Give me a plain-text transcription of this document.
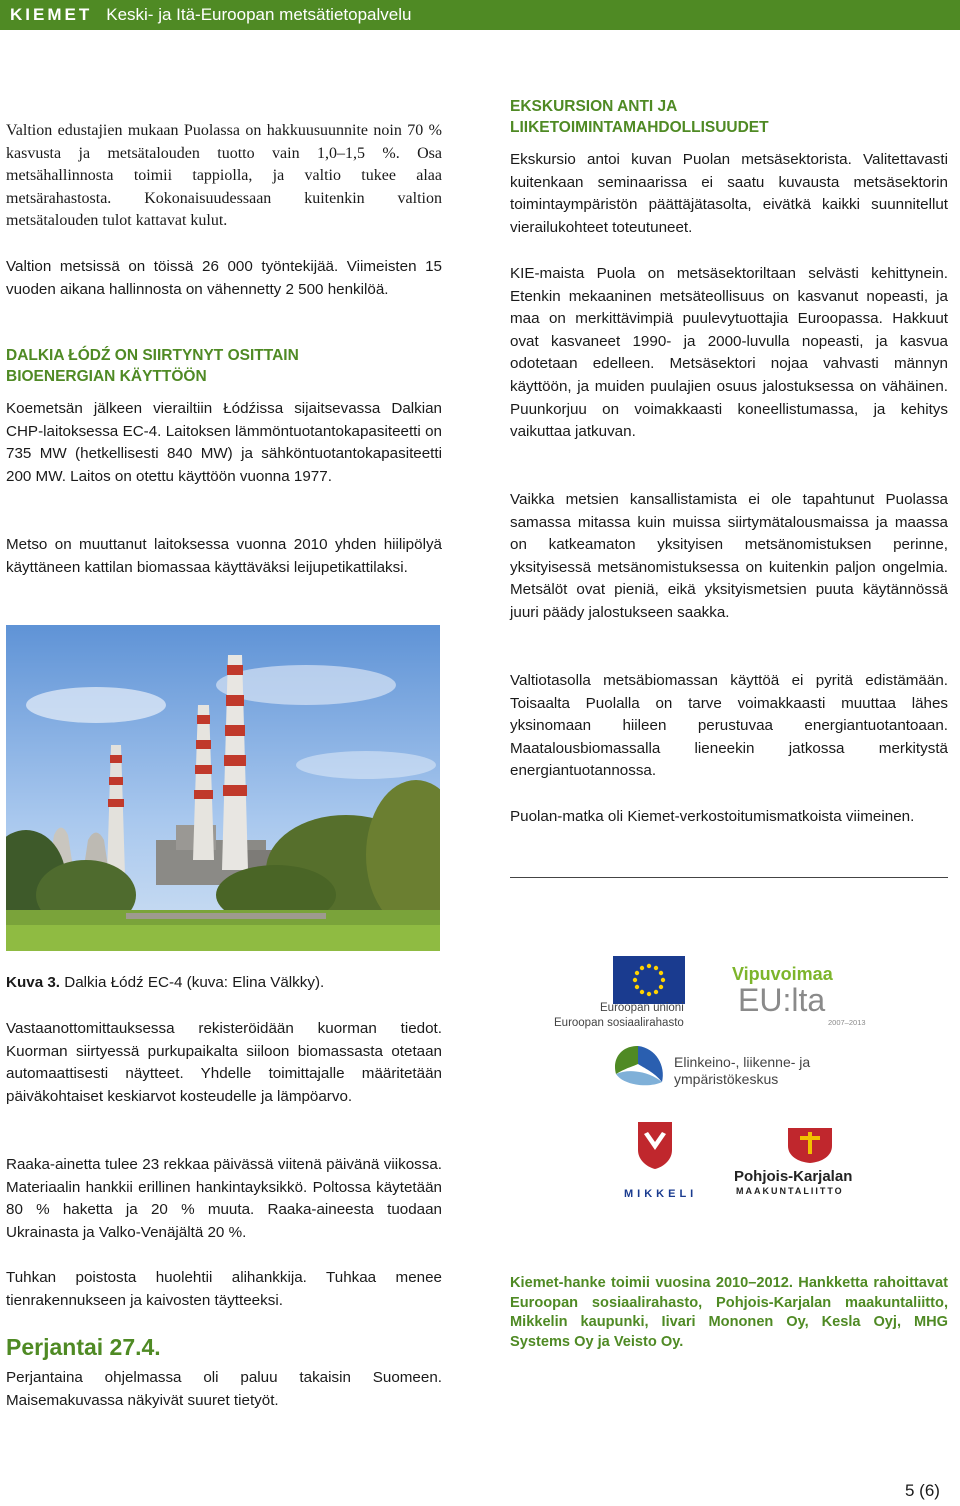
KIEMET Keski- ja Itä-Euroopan metsätietopalvelu

Valtion edustajien mukaan Puolassa on hakkuusuunnite noin 70 % kasvusta ja metsätalouden tuotto vain 1,0–1,5 %. Osa metsähallinnosta toimii tappiolla, ja valtio tukee alaa metsärahastosta. Kokonaisuudessaan kuitenkin valtion metsätalouden tulot kattavat kulut.

Valtion metsissä on töissä 26 000 työntekijää. Viimeisten 15 vuoden aikana hallinnosta on vähennetty 2 500 henkilöä.

DALKIA ŁÓDŹ ON SIIRTYNYT OSITTAIN BIOENERGIAN KÄYTTÖÖN

Koemetsän jälkeen vierailtiin Łódźissa sijaitsevassa Dalkian CHP-laitoksessa EC-4. Laitoksen lämmöntuotantokapasiteetti on 735 MW (hetkellisesti 840 MW) ja sähköntuotantokapasiteetti 200 MW. Laitos on otettu käyttöön vuonna 1977.

Metso on muuttanut laitoksessa vuonna 2010 yhden hiilipölyä käyttäneen kattilan biomassaa käyttäväksi leijupetikattilaksi.

Kuva 3. Dalkia Łódź EC-4 (kuva: Elina Välkky).

Vastaanottomittauksessa rekisteröidään kuorman tiedot. Kuorman siirtyessä purkupaikalta siiloon biomassasta otetaan automaattisesti näytteet. Yhdelle toimittajalle määritetään päiväkohtaiset keskiarvot kosteudelle ja lämpöarvo.

Raaka-ainetta tulee 23 rekkaa päivässä viitenä päivänä viikossa. Materiaalin hankkii erillinen hankintayksikkö. Poltossa käytetään 80 % haketta ja 20 % muuta. Raaka-aineesta tuodaan Ukrainasta ja Valko-Venäjältä 20 %.

Tuhkan poistosta huolehtii alihankkija. Tuhkaa menee tienrakennukseen ja kaivosten täytteeksi.

Perjantai 27.4.

Perjantaina ohjelmassa oli paluu takaisin Suomeen. Maisemakuvassa näkyivät suuret tietyöt.

EKSKURSION ANTI JA LIIKETOIMINTAMAHDOLLISUUDET

Ekskursio antoi kuvan Puolan metsäsektorista. Valitettavasti kuitenkaan seminaarissa ei saatu kuvausta metsäsektorin toimintaympäristön päättäjätasolta, eivätkä kaikki suunnitellut vierailukohteet toteutuneet.

KIE-maista Puola on metsäsektoriltaan selvästi kehittynein. Etenkin mekaaninen metsäteollisuus on kasvanut nopeasti, ja maa on merkittävimpiä puulevytuottajia Euroopassa. Hakkuut ovat kasvaneet 1990- ja 2000-luvulla nopeasti, ja kasvua odotetaan edelleen. Metsäsektori nojaa vahvasti männyn käyttöön, ja muiden puulajien osuus jalostuksessa on vähäinen. Puunkorjuu on voimakkaasti koneellistumassa, ja kehitys vaikuttaa jatkuvan.

Vaikka metsien kansallistamista ei ole tapahtunut Puolassa samassa mitassa kuin muissa siirtymätalousmaissa ja maassa on katkeamaton yksityisen metsänomistuksen perinne, yksityisessä metsänomistuksessa on kuitenkin paljon ongelmia. Metsälöt ovat pieniä, eikä yksityismetsien puuta käytännössä juuri päädy jalostukseen saakka.

Valtiotasolla metsäbiomassan käyttöä ei pyritä edistämään. Toisaalta Puolalla on tarve voimakkaasti muuttaa lähes yksinomaan hiileen perustuvaa energiantuotantoaan. Maatalousbiomassalla lieneekin jatkossa merkitystä energiantuotannossa.

Puolan-matka oli Kiemet-verkostoitumismatkoista viimeinen.

Euroopan unioni
Euroopan sosiaalirahasto
Vipuvoimaa
EU:lta
2007–2013
Elinkeino-, liikenne- ja
ympäristökeskus
MIKKELI
Pohjois-Karjalan
MAAKUNTALIITTO
Kiemet-hanke toimii vuosina 2010–2012. Hankketta rahoittavat Euroopan sosiaalirahasto, Pohjois-Karjalan maakuntaliitto, Mikkelin kaupunki, Iivari Mononen Oy, Kesla Oyj, MHG Systems Oy ja Veisto Oy.
5 (6)
